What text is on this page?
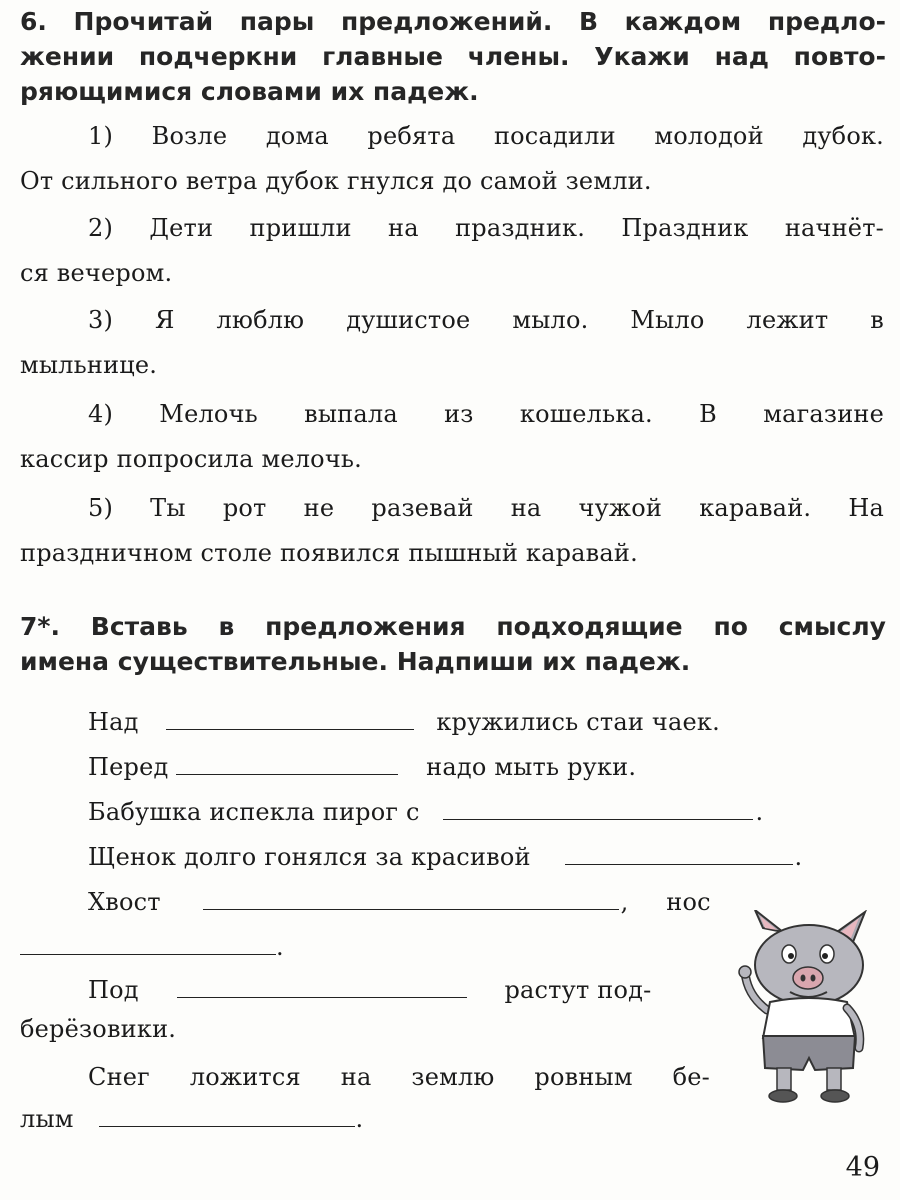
6. Прочитай пары предложений. В каждом предло-
жении подчеркни главные члены. Укажи над повто-
ряющимися словами их падеж.

1) Возле дома ребята посадили молодой дубок.

От сильного ветра дубок гнулся до самой земли.

2) Дети пришли на праздник. Праздник начнёт-

ся вечером.

3) Я люблю душистое мыло. Мыло лежит в

мыльнице.

4) Мелочь выпала из кошелька. В магазине

кассир попросила мелочь.

5) Ты рот не разевай на чужой каравай. На

праздничном столе появился пышный каравай.

7*. Вставь в предложения подходящие по смыслу
имена существительные. Надпиши их падеж.
Над	кружились стаи чаек.
Перед	надо мыть руки.
Бабушка испекла пирог с	.
Щенок долго гонялся за красивой	.
Хвост	, нос
.
Под	растут под-
берёзовики.
Снег ложится на землю ровным бе-
лым	.
49
